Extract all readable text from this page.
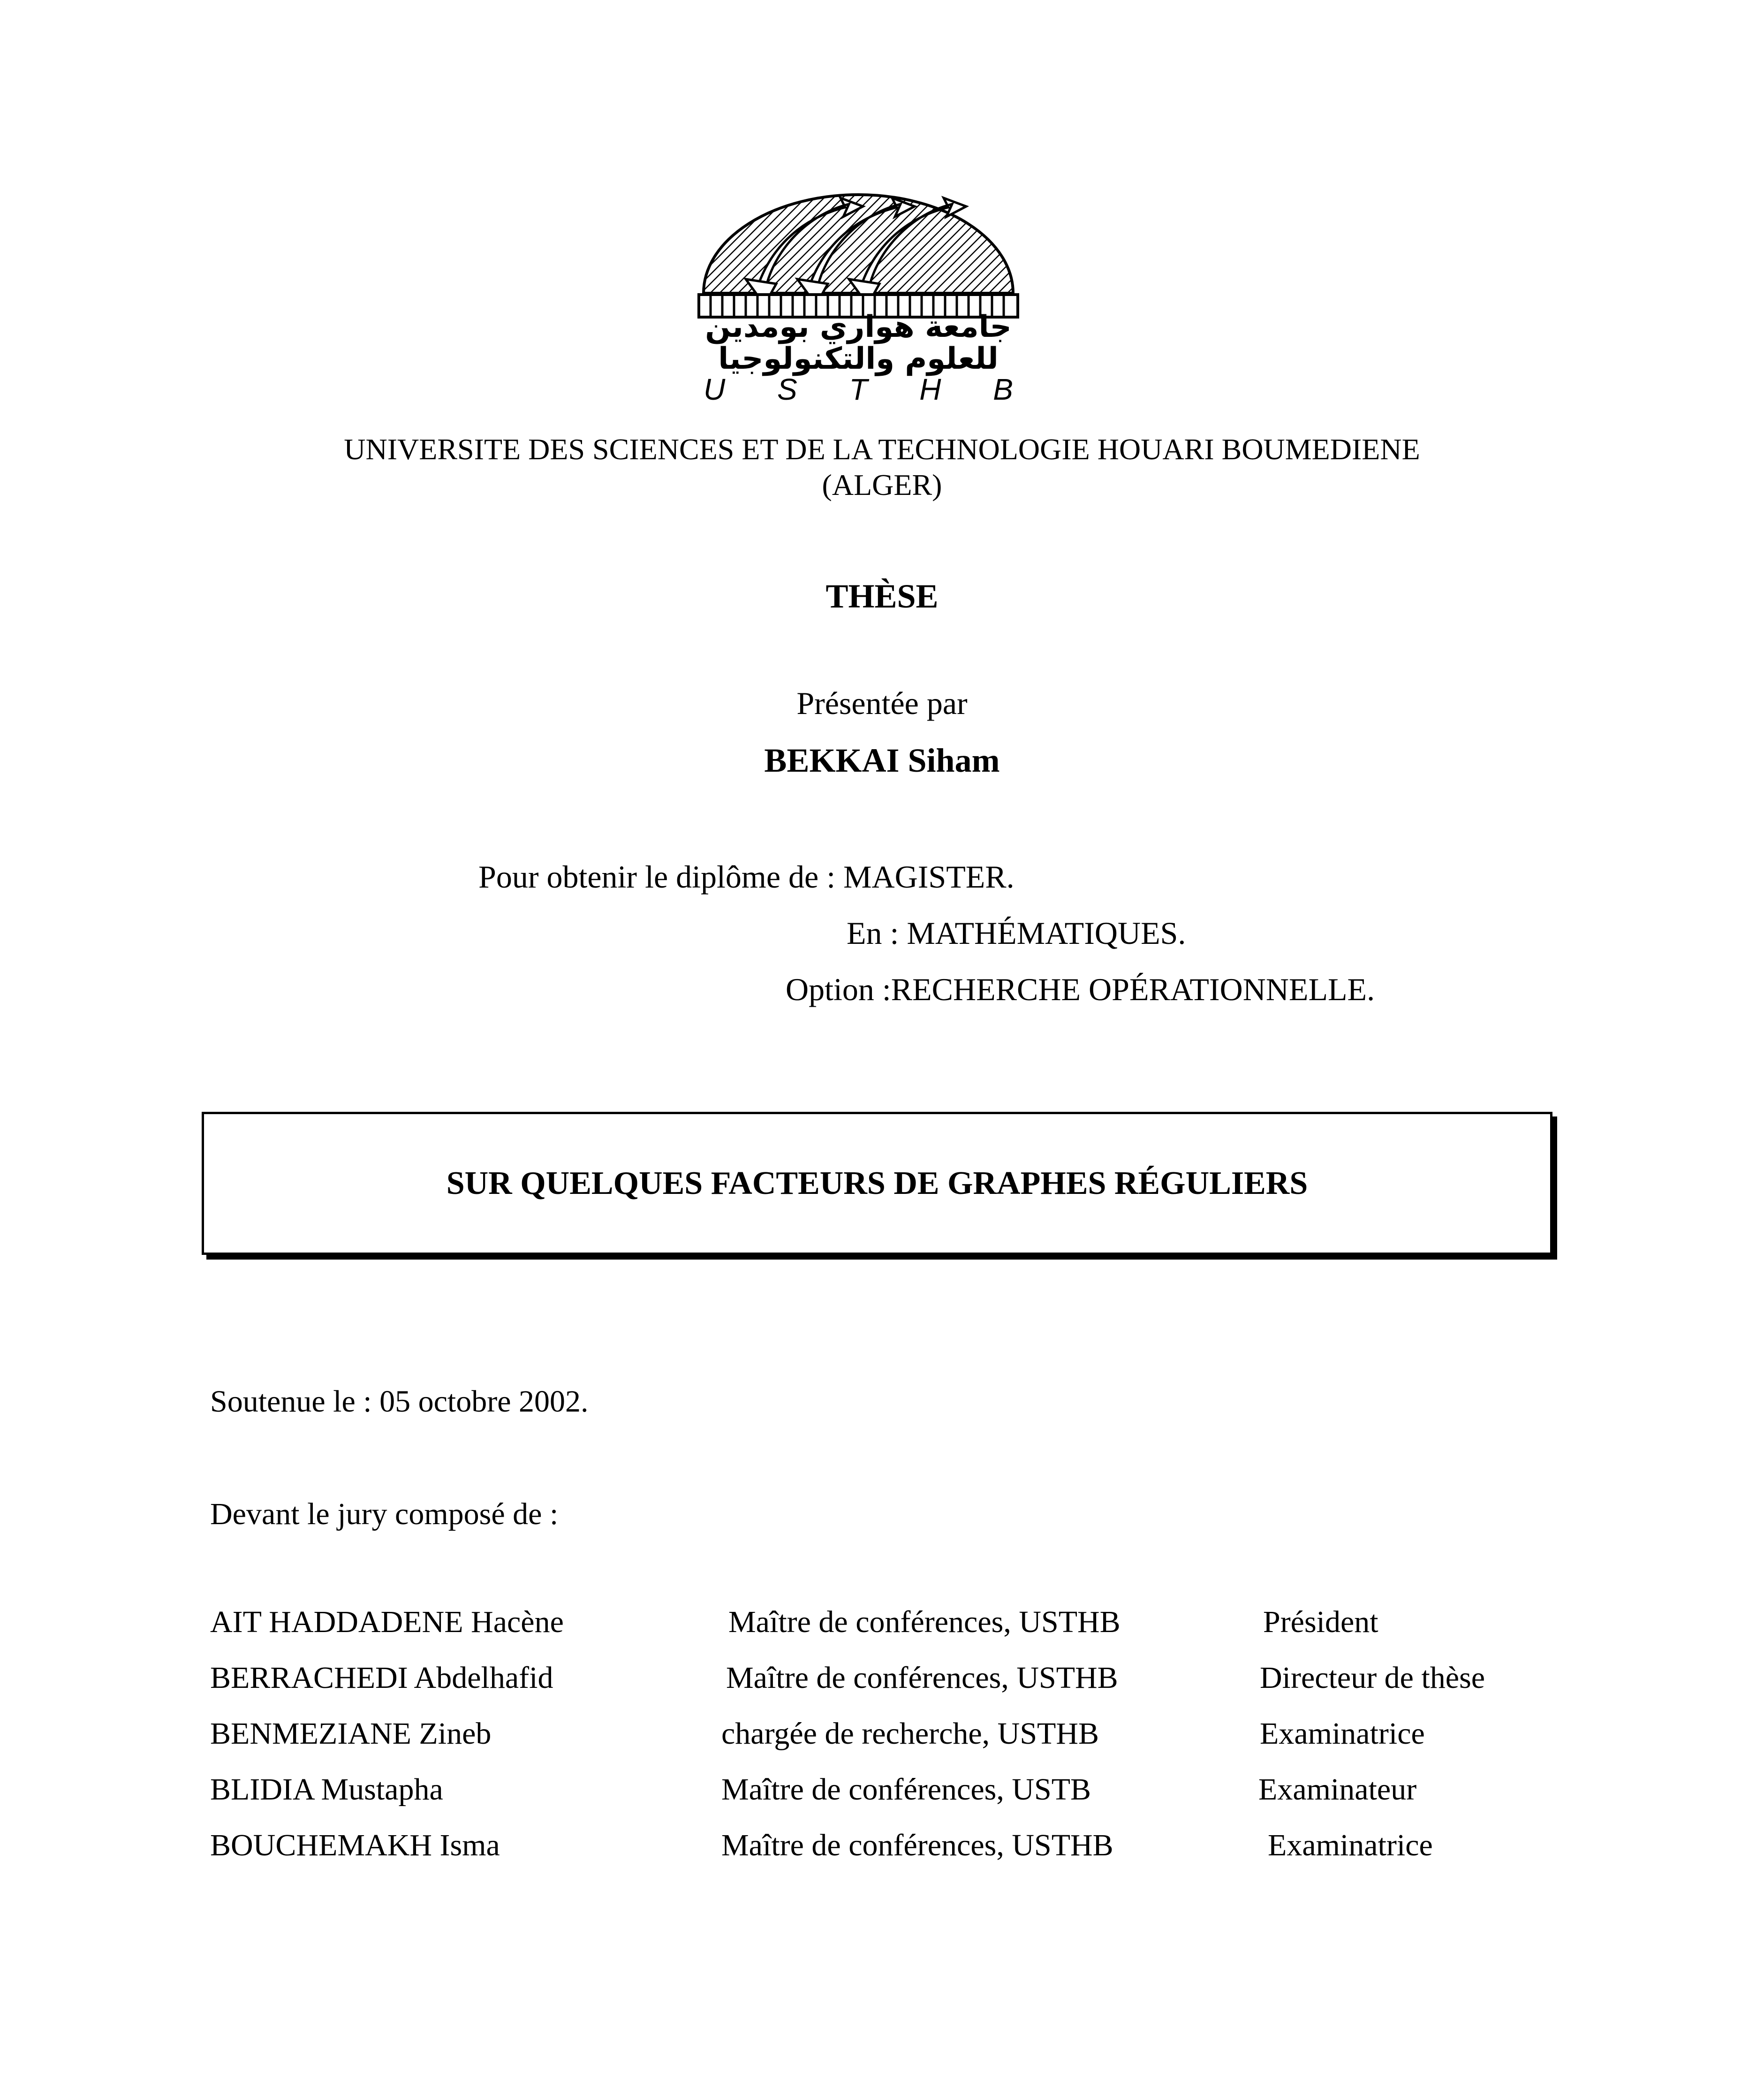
جامعة هواري بومدين
للعلوم والتكنولوجيا
U S T H B
UNIVERSITE DES SCIENCES ET DE LA TECHNOLOGIE HOUARI BOUMEDIENE
(ALGER)
THÈSE
Présentée par
BEKKAI Siham
Pour obtenir le diplôme de : MAGISTER.
En : MATHÉMATIQUES.
Option :RECHERCHE OPÉRATIONNELLE.
SUR QUELQUES FACTEURS DE GRAPHES RÉGULIERS
Soutenue le : 05 octobre 2002.
Devant le jury composé de :
AIT HADDADENE Hacène	Maître de conférences, USTHB	Président
BERRACHEDI Abdelhafid	Maître de conférences, USTHB	Directeur de thèse
BENMEZIANE Zineb	chargée de recherche, USTHB	Examinatrice
BLIDIA Mustapha	Maître de conférences, USTB	Examinateur
BOUCHEMAKH Isma	Maître de conférences, USTHB	Examinatrice
